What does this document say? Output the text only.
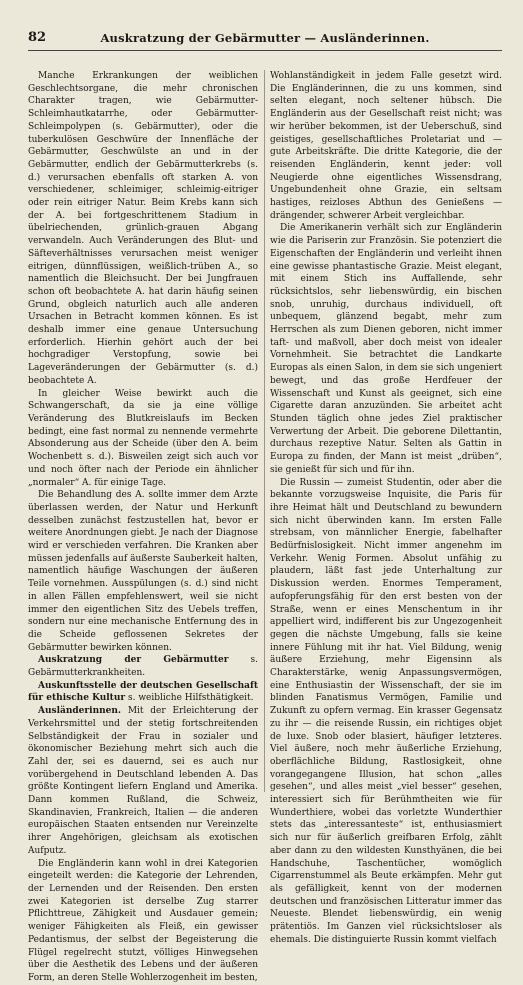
82	Auskratzung der Gebärmutter — Ausländerinnen.

Manche Erkrankungen der weiblichen Geschlechtsorgane, die mehr chronischen Charakter tragen, wie Gebärmutter-Schleimhautkatarrhe, oder Gebärmutter-Schleimpolypen (s. Gebärmutter), oder die tuberkulösen Geschwüre der Innenfläche der Gebärmutter, Geschwülste an und in der Gebärmutter, endlich der Gebärmutterkrebs (s. d.) verursachen ebenfalls oft starken A. von verschiedener, schleimiger, schleimig-eitriger oder rein eitriger Natur. Beim Krebs kann sich der A. bei fortgeschrittenem Stadium in übelriechenden, grünlich-grauen Abgang verwandeln. Auch Veränderungen des Blut- und Säfteverhältnisses verursachen meist weniger eitrigen, dünnflüssigen, weißlich-trüben A., so namentlich die Bleichsucht. Der bei Jungfrauen schon oft beobachtete A. hat darin häufig seinen Grund, obgleich naturlich auch alle anderen Ursachen in Betracht kommen können. Es ist deshalb immer eine genaue Untersuchung erforderlich. Hierhin gehört auch der bei hochgradiger Verstopfung, sowie bei Lageveränderungen der Gebärmutter (s. d.) beobachtete A.

In gleicher Weise bewirkt auch die Schwangerschaft, da sie ja eine völlige Veränderung des Blutkreislaufs im Becken bedingt, eine fast normal zu nennende vermehrte Absonderung aus der Scheide (über den A. beim Wochenbett s. d.). Bisweilen zeigt sich auch vor und noch öfter nach der Periode ein ähnlicher „normaler“ A. für einige Tage.

Die Behandlung des A. sollte immer dem Arzte überlassen werden, der Natur und Herkunft desselben zunächst festzustellen hat, bevor er weitere Anordnungen giebt. Je nach der Diagnose wird er verschieden verfahren. Die Kranken aber müssen jedenfalls auf äußerste Sauberkeit halten, namentlich häufige Waschungen der äußeren Teile vornehmen. Ausspülungen (s. d.) sind nicht in allen Fällen empfehlenswert, weil sie nicht immer den eigentlichen Sitz des Uebels treffen, sondern nur eine mechanische Entfernung des in die Scheide geflossenen Sekretes der Gebärmutter bewirken können.

Auskratzung der Gebärmutter s. Gebärmutterkrankheiten.

Auskunftsstelle der deutschen Gesellschaft für ethische Kultur s. weibliche Hilfsthätigkeit.

Ausländerinnen. Mit der Erleichterung der Verkehrsmittel und der stetig fortschreitenden Selbständigkeit der Frau in sozialer und ökonomischer Beziehung mehrt sich auch die Zahl der, sei es dauernd, sei es auch nur vorübergehend in Deutschland lebenden A. Das größte Kontingent liefern England und Amerika. Dann kommen Rußland, die Schweiz, Skandinavien, Frankreich, Italien — die anderen europäischen Staaten entsenden nur Vereinzelte ihrer Angehörigen, gleichsam als exotischen Aufputz.

Die Engländerin kann wohl in drei Kategorien eingeteilt werden: die Kategorie der Lehrenden, der Lernenden und der Reisenden. Den ersten zwei Kategorien ist derselbe Zug starrer Pflichttreue, Zähigkeit und Ausdauer gemein; weniger Fähigkeiten als Fleiß, ein gewisser Pedantismus, der selbst der Begeisterung die Flügel regelrecht stutzt, völliges Hinwegsehen über die Aesthetik des Lebens und der äußeren Form, an deren Stelle Wohlerzogenheit im besten,

Wohlanständigkeit in jedem Falle gesetzt wird. Die Engländerinnen, die zu uns kommen, sind selten elegant, noch seltener hübsch. Die Engländerin aus der Gesellschaft reist nicht; was wir herüber bekommen, ist der Ueberschuß, sind geistiges, gesellschaftliches Proletariat und — gute Arbeitskräfte. Die dritte Kategorie, die der reisenden Engländerin, kennt jeder: voll Neugierde ohne eigentliches Wissensdrang, Ungebundenheit ohne Grazie, ein seltsam hastiges, reizloses Abthun des Genießens — drängender, schwerer Arbeit vergleichbar.

Die Amerikanerin verhält sich zur Engländerin wie die Pariserin zur Französin. Sie potenziert die Eigenschaften der Engländerin und verleiht ihnen eine gewisse phantastische Grazie. Meist elegant, mit einem Stich ins Auffallende, sehr rücksichtslos, sehr liebenswürdig, ein bischen snob, unruhig, durchaus individuell, oft unbequem, glänzend begabt, mehr zum Herrschen als zum Dienen geboren, nicht immer taft- und maßvoll, aber doch meist von idealer Vornehmheit. Sie betrachtet die Landkarte Europas als einen Salon, in dem sie sich ungeniert bewegt, und das große Herdfeuer der Wissenschaft und Kunst als geeignet, sich eine Cigarette daran anzuzünden. Sie arbeitet acht Stunden täglich ohne jedes Ziel praktischer Verwertung der Arbeit. Die geborene Dilettantin, durchaus rezeptive Natur. Selten als Gattin in Europa zu finden, der Mann ist meist „drüben“, sie genießt für sich und für ihn.

Die Russin — zumeist Studentin, oder aber die bekannte vorzugsweise Inquisite, die Paris für ihre Heimat hält und Deutschland zu bewundern sich nicht überwinden kann. Im ersten Falle strebsam, von männlicher Energie, fabelhafter Bedürfnislosigkeit. Nicht immer angenehm im Verkehr. Wenig Formen. Absolut unfähig zu plaudern, läßt fast jede Unterhaltung zur Diskussion werden. Enormes Temperament, aufopferungsfähig für den erst besten von der Straße, wenn er eines Menschentum in ihr appelliert wird, indifferent bis zur Ungezogenheit gegen die nächste Umgebung, falls sie keine innere Fühlung mit ihr hat. Viel Bildung, wenig äußere Erziehung, mehr Eigensinn als Charakterstärke, wenig Anpassungsvermögen, eine Enthusiastin der Wissenschaft, der sie im blinden Fanatismus Vermögen, Familie und Zukunft zu opfern vermag. Ein krasser Gegensatz zu ihr — die reisende Russin, ein richtiges objet de luxe. Snob oder blasiert, häufiger letzteres. Viel äußere, noch mehr äußerliche Erziehung, oberflächliche Bildung, Rastlosigkeit, ohne vorangegangene Illusion, hat schon „alles gesehen“, und alles meist „viel besser“ gesehen, interessiert sich für Berühmtheiten wie für Wunderthiere, wobei das vorletzte Wunderthier stets das „interessanteste“ ist, enthusiasmiert sich nur für äußerlich greifbaren Erfolg, zählt aber dann zu den wildesten Kunsthyänen, die bei Handschuhe, Taschentücher, womöglich Cigarrenstummel als Beute erkämpfen. Mehr gut als gefälligkeit, kennt von der modernen deutschen und französischen Litteratur immer das Neueste. Blendet liebenswürdig, ein wenig prätentiös. Im Ganzen viel rücksichtsloser als ehemals. Die distinguierte Russin kommt vielfach
